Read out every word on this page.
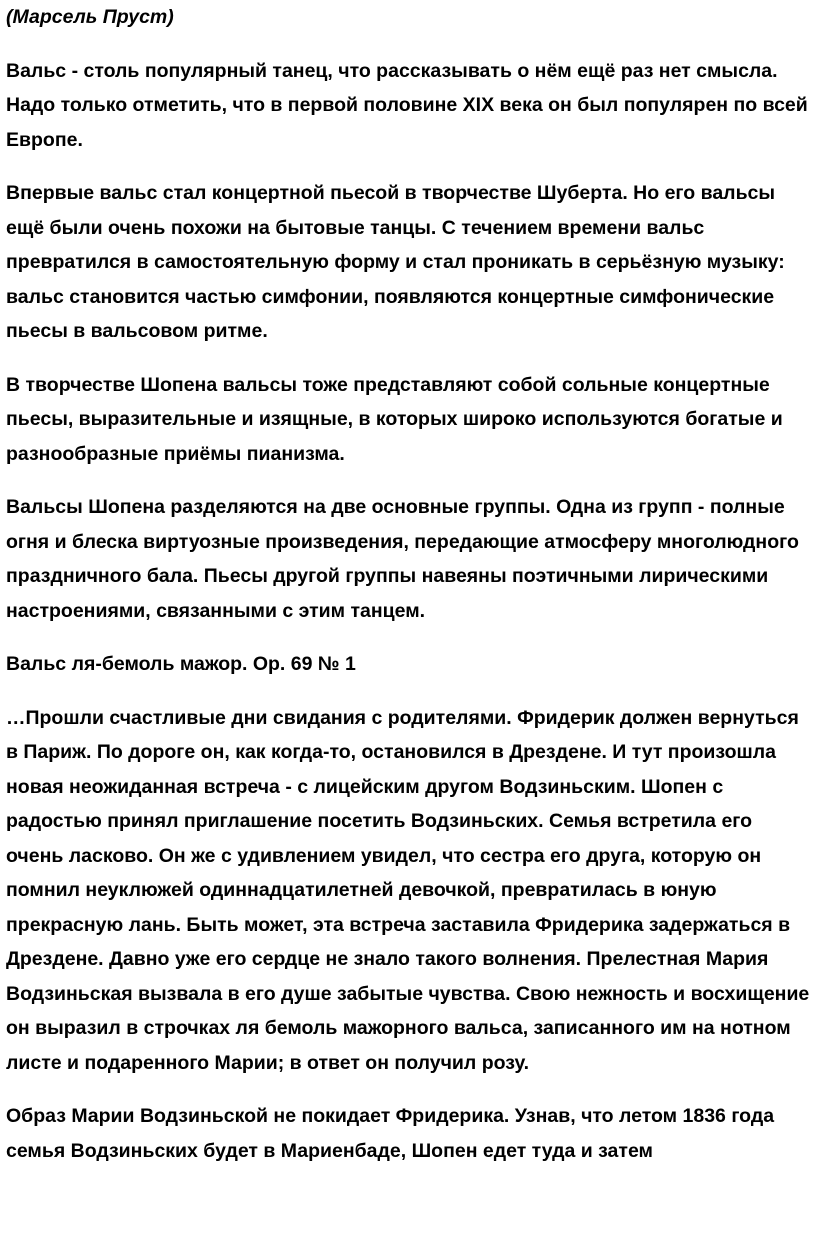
(Марсель Пруст)

Вальс - столь популярный танец, что рассказывать о нём ещё раз нет смысла. Надо только отметить, что в первой половине XIX века он был популярен по всей Европе.

Впервые вальс стал концертной пьесой в творчестве Шуберта. Но его вальсы ещё были очень похожи на бытовые танцы. С течением времени вальс превратился в самостоятельную форму и стал проникать в серьёзную музыку: вальс становится частью симфонии, появляются концертные симфонические пьесы в вальсовом ритме.

В творчестве Шопена вальсы тоже представляют собой сольные концертные пьесы, выразительные и изящные, в которых широко используются богатые и разнообразные приёмы пианизма.

Вальсы Шопена разделяются на две основные группы. Одна из групп - полные огня и блеска виртуозные произведения, передающие атмосферу многолюдного праздничного бала. Пьесы другой группы навеяны поэтичными лирическими настроениями, связанными с этим танцем.

Вальс ля-бемоль мажор. Ор. 69 № 1

…Прошли счастливые дни свидания с родителями. Фридерик должен вернуться в Париж. По дороге он, как когда-то, остановился в Дрездене. И тут произошла новая неожиданная встреча - с лицейским другом Водзиньским. Шопен с радостью принял приглашение посетить Водзиньских. Семья встретила его очень ласково. Он же с удивлением увидел, что сестра его друга, которую он помнил неуклюжей одиннадцатилетней девочкой, превратилась в юную прекрасную лань. Быть может, эта встреча заставила Фридерика задержаться в Дрездене. Давно уже его сердце не знало такого волнения. Прелестная Мария Водзиньская вызвала в его душе забытые чувства. Свою нежность и восхищение он выразил в строчках ля бемоль мажорного вальса, записанного им на нотном листе и подаренного Марии; в ответ он получил розу.

Образ Марии Водзиньской не покидает Фридерика. Узнав, что летом 1836 года семья Водзиньских будет в Мариенбаде, Шопен едет туда и затем
